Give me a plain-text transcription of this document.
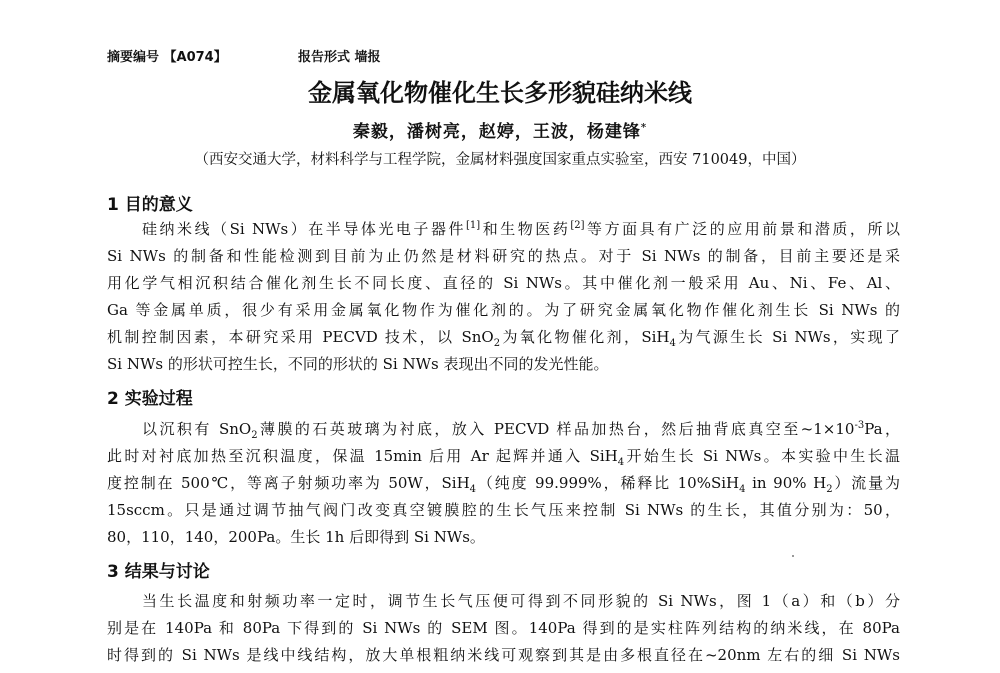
摘要编号 【A074】	报告形式 墙报
金属氧化物催化生长多形貌硅纳米线
秦毅，潘树亮，赵婷，王波，杨建锋*
（西安交通大学，材料科学与工程学院，金属材料强度国家重点实验室，西安 710049，中国）
1 目的意义
硅纳米线（Si NWs）在半导体光电子器件[1]和生物医药[2]等方面具有广泛的应用前景和潜质，所以
Si NWs 的制备和性能检测到目前为止仍然是材料研究的热点。对于 Si NWs 的制备，目前主要还是采
用化学气相沉积结合催化剂生长不同长度、直径的 Si NWs。其中催化剂一般采用 Au、Ni、Fe、Al、
Ga 等金属单质，很少有采用金属氧化物作为催化剂的。为了研究金属氧化物作催化剂生长 Si NWs 的
机制控制因素，本研究采用 PECVD 技术，以 SnO$_2$为氧化物催化剂，SiH$_4$为气源生长 Si NWs，实现了
Si NWs 的形状可控生长，不同的形状的 Si NWs 表现出不同的发光性能。
2 实验过程
以沉积有 SnO$_2$薄膜的石英玻璃为衬底，放入 PECVD 样品加热台，然后抽背底真空至$\sim 1\times 10^{-3}Pa$，
此时对衬底加热至沉积温度，保温 15min 后用 Ar 起辉并通入 SiH$_4$开始生长 Si NWs。本实验中生长温
度控制在 500℃，等离子射频功率为 50W，SiH$_4$（纯度 99.999%，稀释比 10%SiH$_4$ in 90% $H_2$）流量为
15sccm。只是通过调节抽气阀门改变真空镀膜腔的生长气压来控制 Si NWs 的生长，其值分别为：50，
80，110，140，200Pa。生长 1h 后即得到 Si NWs。
3 结果与讨论
当生长温度和射频功率一定时，调节生长气压便可得到不同形貌的 Si NWs，图 1（a）和（b）分
别是在 140Pa 和 80Pa 下得到的 Si NWs 的 SEM 图。140Pa 得到的是实柱阵列结构的纳米线，在 80Pa
时得到的 Si NWs 是线中线结构，放大单根粗纳米线可观察到其是由多根直径在~20nm 左右的细 Si NWs
